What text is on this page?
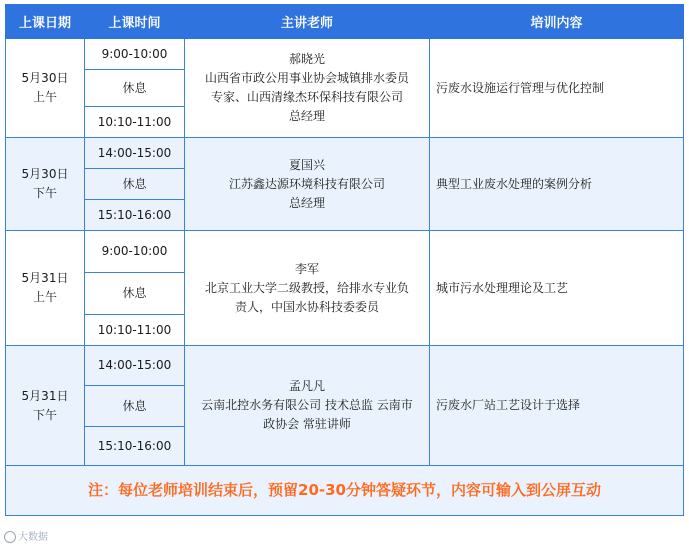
上课日期	上课时间	主讲老师	培训内容

5月30日
上午	9:00-10:00	郝晓光
山西省市政公用事业协会城镇排水委员
专家、山西清缘杰环保科技有限公司
总经理	污废水设施运行管理与优化控制
	休息		
	10:10-11:00		

5月30日
下午	14:00-15:00	夏国兴
江苏鑫达源环境科技有限公司
总经理	典型工业废水处理的案例分析
	休息		
	15:10-16:00		

5月31日
上午	9:00-10:00	李军
北京工业大学二级教授，给排水专业负
责人，中国水协科技委委员	城市污水处理理论及工艺
	休息		
	10:10-11:00		

5月31日
下午	14:00-15:00	孟凡凡
云南北控水务有限公司 技术总监 云南市
政协会 常驻讲师	污废水厂站工艺设计于选择
	休息		
	15:10-16:00		
注：每位老师培训结束后，预留20-30分钟答疑环节，内容可输入到公屏互动			
大数据
